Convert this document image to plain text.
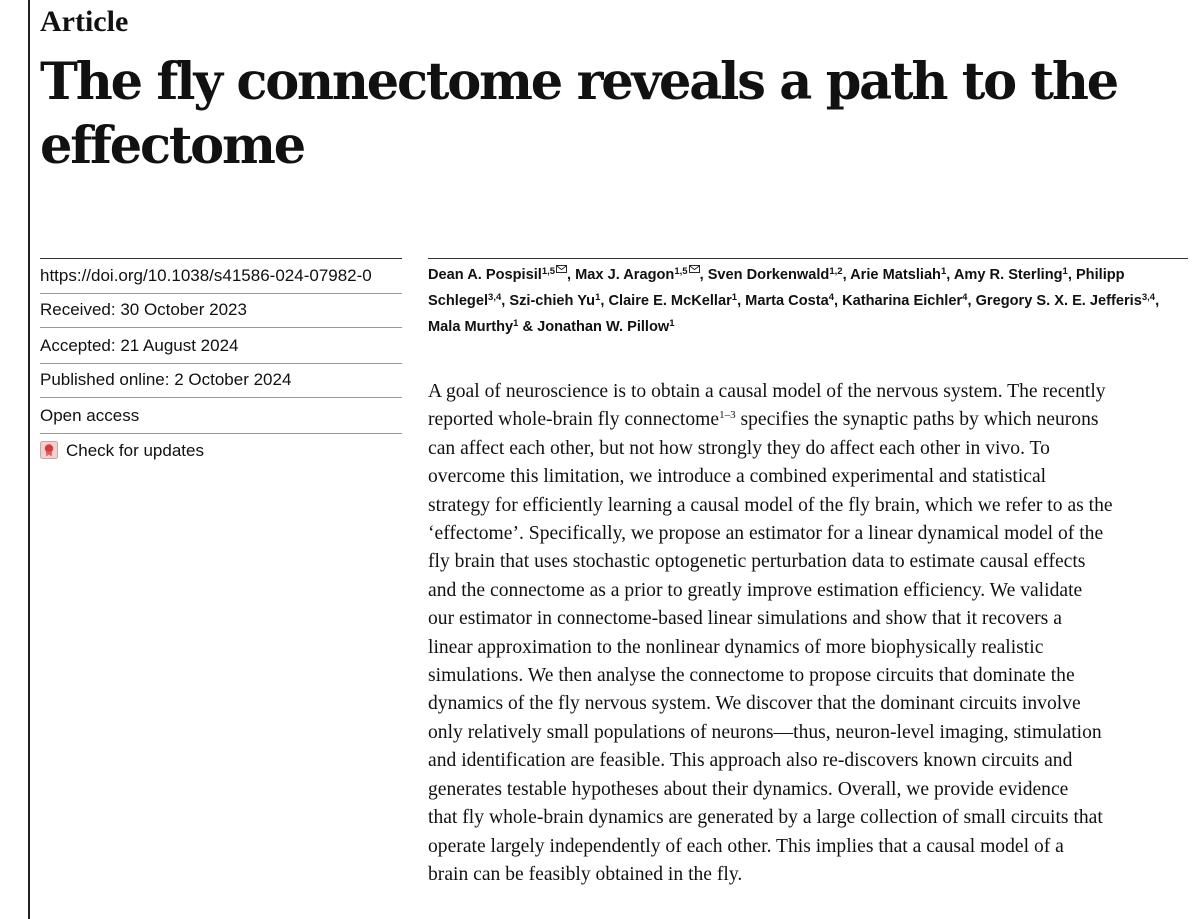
Article
The fly connectome reveals a path to the effectome
https://doi.org/10.1038/s41586-024-07982-0
Received: 30 October 2023
Accepted: 21 August 2024
Published online: 2 October 2024
Open access
Check for updates
Dean A. Pospisil$^{1,5}$ , Max J. Aragon$^{1,5}$ , Sven Dorkenwald$^{1,2}$, Arie Matsliah$^1$, Amy R. Sterling$^1$, Philipp Schlegel$^{3,4}$, Szi-chieh Yu$^1$, Claire E. McKellar$^1$, Marta Costa$^4$, Katharina Eichler$^4$, Gregory S. X. E. Jefferis$^{3,4}$, Mala Murthy$^1$ & Jonathan W. Pillow$^1$
A goal of neuroscience is to obtain a causal model of the nervous system. The recently
reported whole-brain fly connectome$^{1-3}$ specifies the synaptic paths by which neurons
can affect each other, but not how strongly they do affect each other in vivo. To
overcome this limitation, we introduce a combined experimental and statistical
strategy for efficiently learning a causal model of the fly brain, which we refer to as the
‘effectome’. Specifically, we propose an estimator for a linear dynamical model of the
fly brain that uses stochastic optogenetic perturbation data to estimate causal effects
and the connectome as a prior to greatly improve estimation efficiency. We validate
our estimator in connectome-based linear simulations and show that it recovers a
linear approximation to the nonlinear dynamics of more biophysically realistic
simulations. We then analyse the connectome to propose circuits that dominate the
dynamics of the fly nervous system. We discover that the dominant circuits involve
only relatively small populations of neurons—thus, neuron-level imaging, stimulation
and identification are feasible. This approach also re-discovers known circuits and
generates testable hypotheses about their dynamics. Overall, we provide evidence
that fly whole-brain dynamics are generated by a large collection of small circuits that
operate largely independently of each other. This implies that a causal model of a
brain can be feasibly obtained in the fly.
